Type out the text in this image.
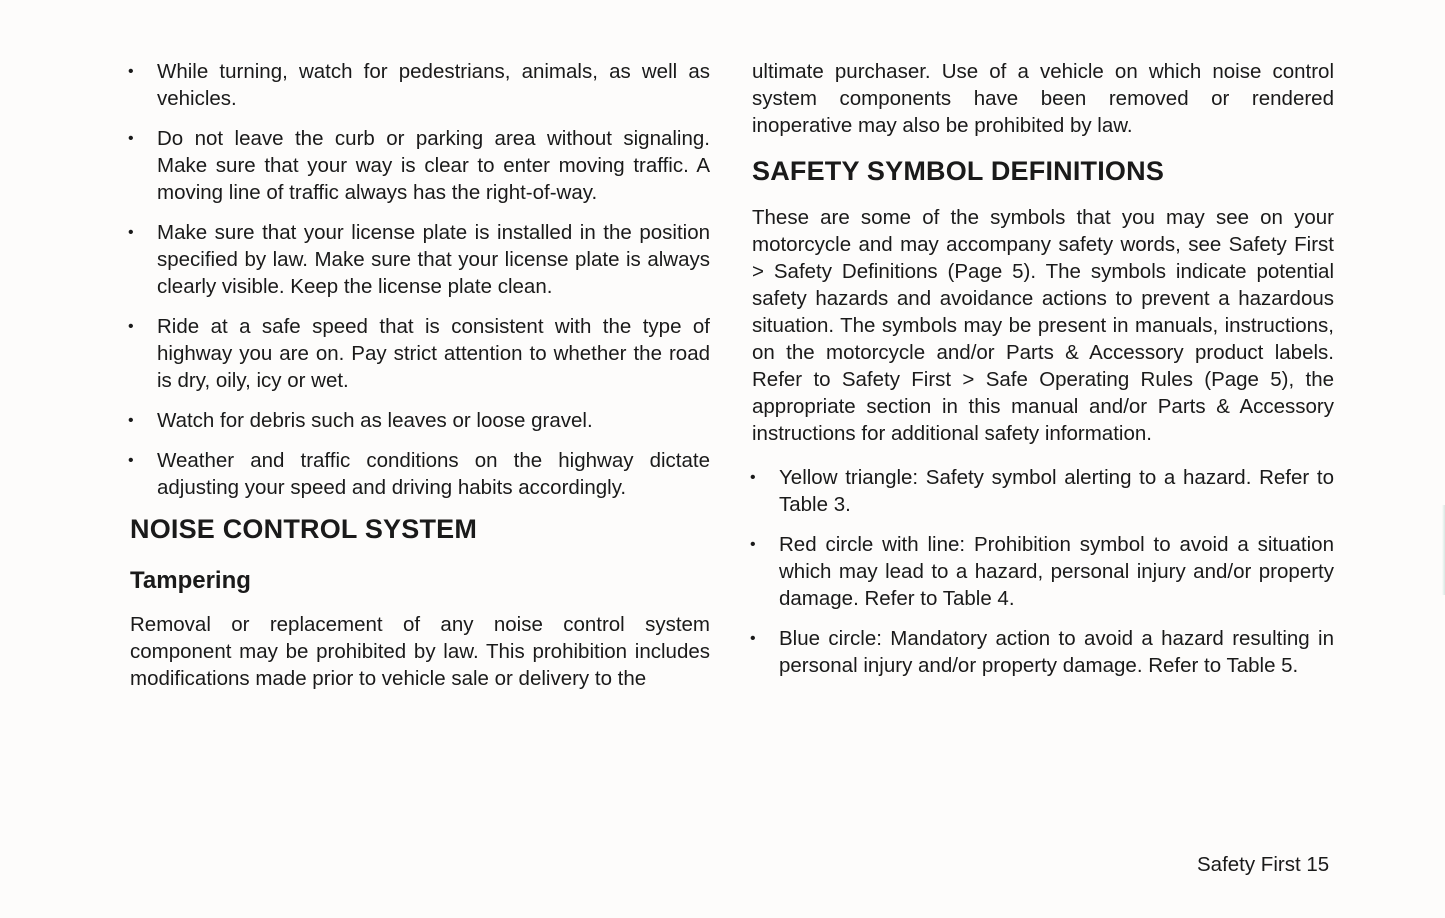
• While turning, watch for pedestrians, animals, as well as vehicles.
• Do not leave the curb or parking area without signaling. Make sure that your way is clear to enter moving traffic. A moving line of traffic always has the right-of-way.
• Make sure that your license plate is installed in the position specified by law. Make sure that your license plate is always clearly visible. Keep the license plate clean.
• Ride at a safe speed that is consistent with the type of highway you are on. Pay strict attention to whether the road is dry, oily, icy or wet.
• Watch for debris such as leaves or loose gravel.
• Weather and traffic conditions on the highway dictate adjusting your speed and driving habits accordingly.
NOISE CONTROL SYSTEM
Tampering

Removal or replacement of any noise control system component may be prohibited by law. This prohibition includes modifications made prior to vehicle sale or delivery to the

ultimate purchaser. Use of a vehicle on which noise control system components have been removed or rendered inoperative may also be prohibited by law.

SAFETY SYMBOL DEFINITIONS

These are some of the symbols that you may see on your motorcycle and may accompany safety words, see Safety First > Safety Definitions (Page 5). The symbols indicate potential safety hazards and avoidance actions to prevent a hazardous situation. The symbols may be present in manuals, instructions, on the motorcycle and/or Parts & Accessory product labels. Refer to Safety First > Safe Operating Rules (Page 5), the appropriate section in this manual and/or Parts & Accessory instructions for additional safety information.

• Yellow triangle: Safety symbol alerting to a hazard. Refer to Table 3.
• Red circle with line: Prohibition symbol to avoid a situation which may lead to a hazard, personal injury and/or property damage. Refer to Table 4.
• Blue circle: Mandatory action to avoid a hazard resulting in personal injury and/or property damage. Refer to Table 5.
Safety First 15
